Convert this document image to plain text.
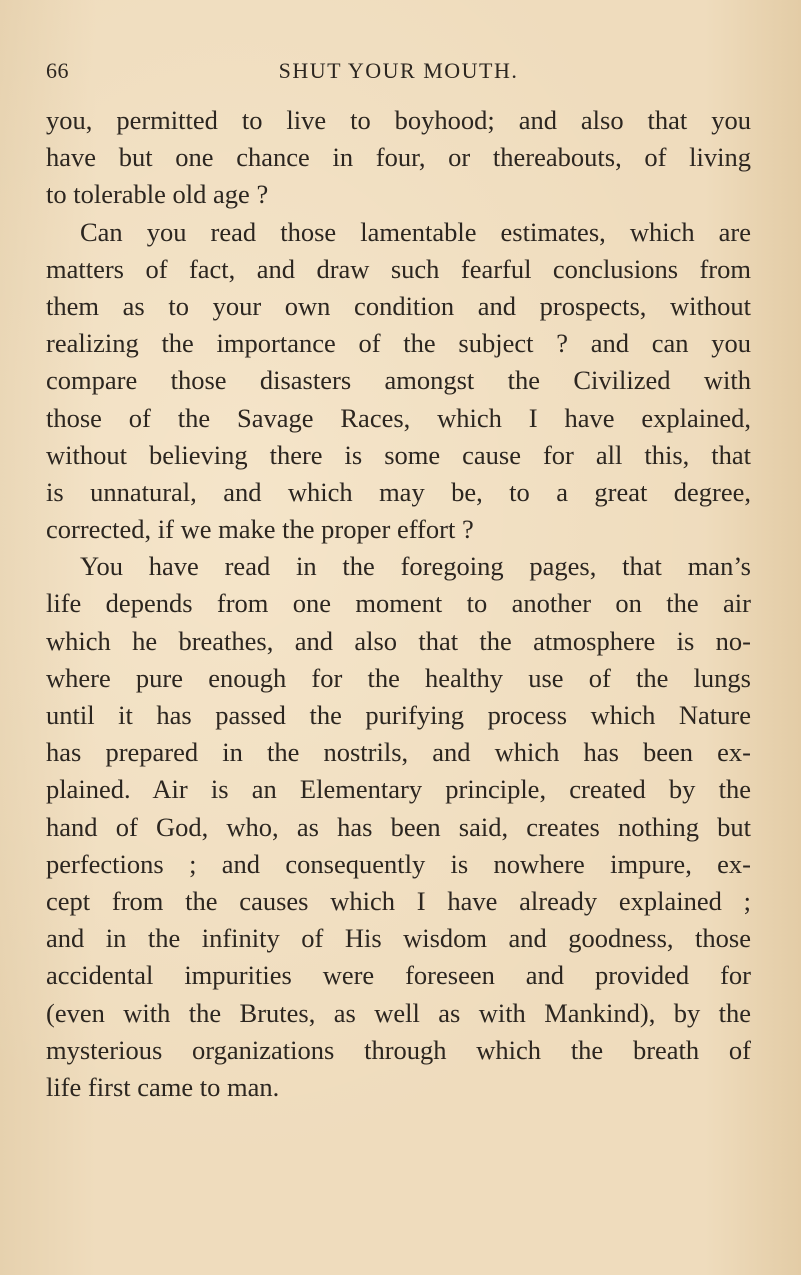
66	SHUT YOUR MOUTH.
you, permitted to live to boyhood; and also that you
have but one chance in four, or thereabouts, of living
to tolerable old age ?
Can you read those lamentable estimates, which are
matters of fact, and draw such fearful conclusions from
them as to your own condition and prospects, without
realizing the importance of the subject ? and can you
compare those disasters amongst the Civilized with
those of the Savage Races, which I have explained,
without believing there is some cause for all this, that
is unnatural, and which may be, to a great degree,
corrected, if we make the proper effort ?
You have read in the foregoing pages, that man’s
life depends from one moment to another on the air
which he breathes, and also that the atmosphere is no-
where pure enough for the healthy use of the lungs
until it has passed the purifying process which Nature
has prepared in the nostrils, and which has been ex-
plained. Air is an Elementary principle, created by the
hand of God, who, as has been said, creates nothing but
perfections ; and consequently is nowhere impure, ex-
cept from the causes which I have already explained ;
and in the infinity of His wisdom and goodness, those
accidental impurities were foreseen and provided for
(even with the Brutes, as well as with Mankind), by the
mysterious organizations through which the breath of
life first came to man.
